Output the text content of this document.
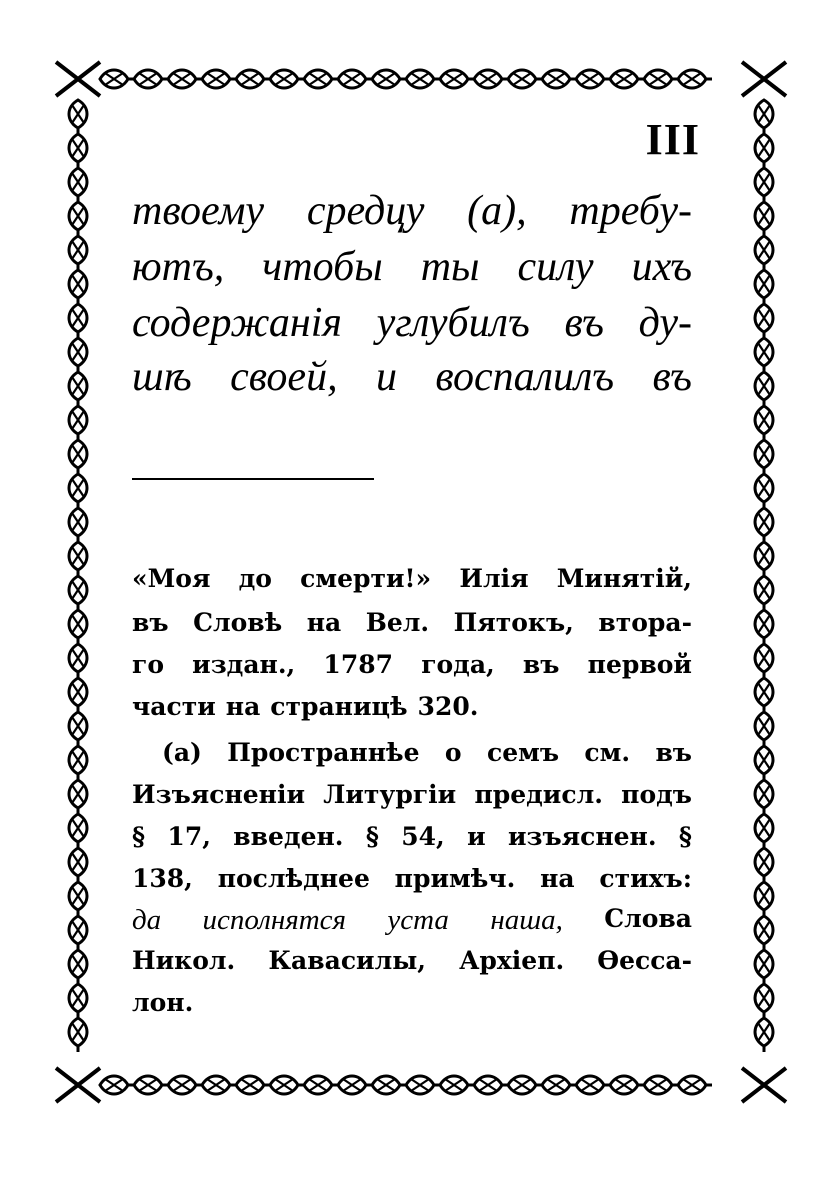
III
твоему средцу (а), требу-
ютъ, чтобы ты силу ихъ
содержанія углубилъ въ ду-
шѣ своей, и воспалилъ въ
«Моя до смерти!» Илія Минятій,
въ Словѣ на Вел. Пятокъ, втора-
го издан., 1787 года, въ первой
части на страницѣ 320.
(а) Пространнѣе о семъ см. въ
Изъясненіи Литургіи предисл. подъ
§ 17, введен. § 54, и изъяснен. §
138, послѣднее примѣч. на стихъ:
да исполнятся уста наша, Слова
Никол. Кавасилы, Архіеп. Ѳесса-
лон.
